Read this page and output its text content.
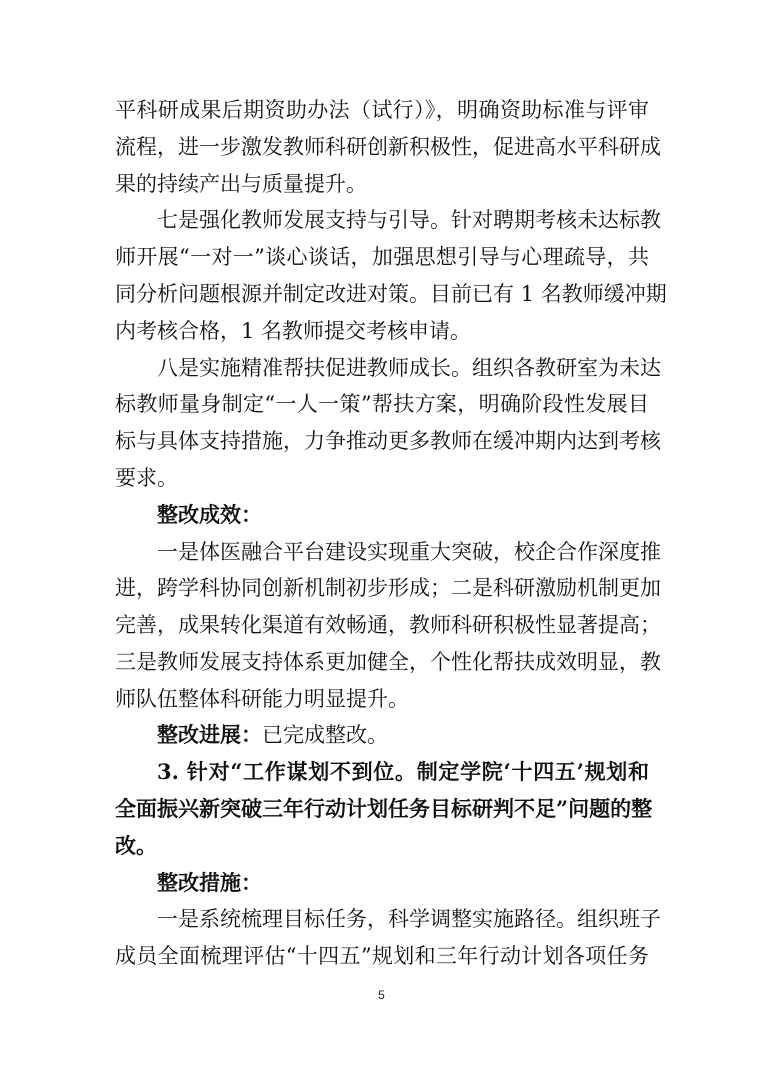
平科研成果后期资助办法（试行）》，明确资助标准与评审
流程，进一步激发教师科研创新积极性，促进高水平科研成
果的持续产出与质量提升。
七是强化教师发展支持与引导。针对聘期考核未达标教
师开展“一对一”谈心谈话，加强思想引导与心理疏导，共
同分析问题根源并制定改进对策。目前已有 1 名教师缓冲期
内考核合格，1 名教师提交考核申请。
八是实施精准帮扶促进教师成长。组织各教研室为未达
标教师量身制定“一人一策”帮扶方案，明确阶段性发展目
标与具体支持措施，力争推动更多教师在缓冲期内达到考核
要求。
整改成效：
一是体医融合平台建设实现重大突破，校企合作深度推
进，跨学科协同创新机制初步形成；二是科研激励机制更加
完善，成果转化渠道有效畅通，教师科研积极性显著提高；
三是教师发展支持体系更加健全，个性化帮扶成效明显，教
师队伍整体科研能力明显提升。
整改进展：已完成整改。
3. 针对“工作谋划不到位。制定学院‘十四五’规划和
全面振兴新突破三年行动计划任务目标研判不足”问题的整
5
改。
整改措施：
一是系统梳理目标任务，科学调整实施路径。组织班子
成员全面梳理评估“十四五”规划和三年行动计划各项任务
